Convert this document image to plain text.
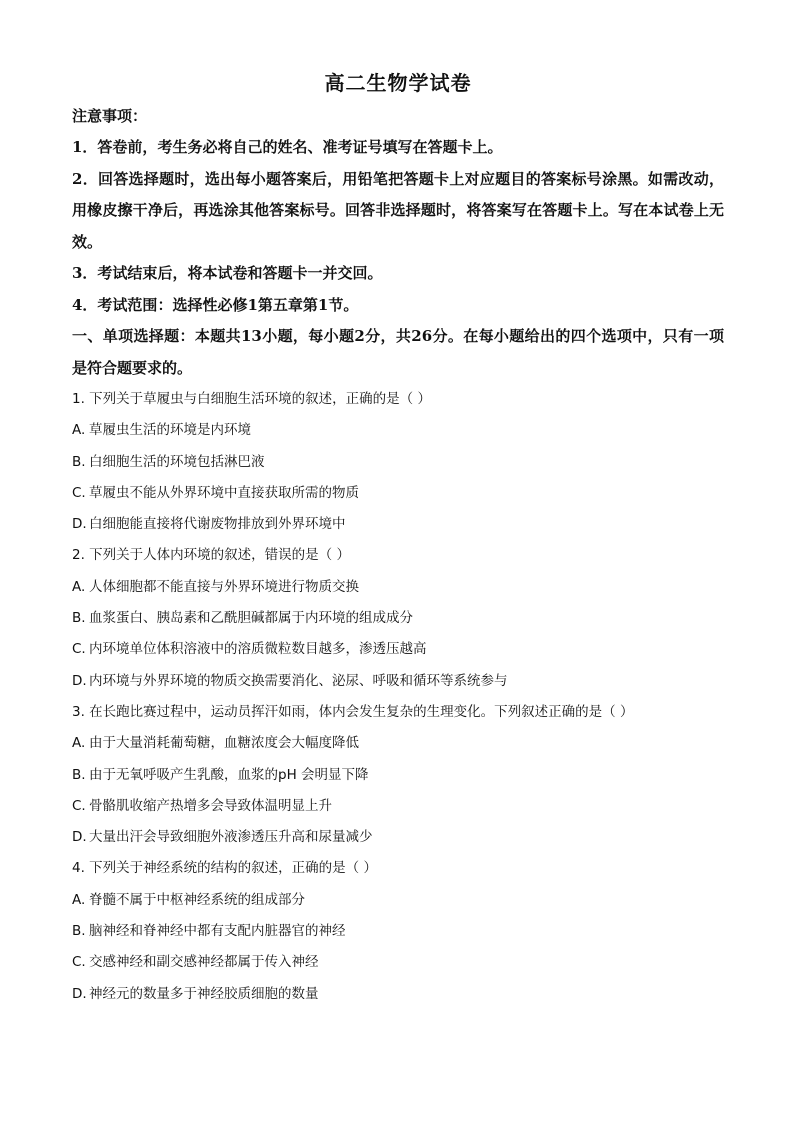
高二生物学试卷
注意事项：
1．答卷前，考生务必将自己的姓名、准考证号填写在答题卡上。
2．回答选择题时，选出每小题答案后，用铅笔把答题卡上对应题目的答案标号涂黑。如需改动，用橡皮擦干净后，再选涂其他答案标号。回答非选择题时，将答案写在答题卡上。写在本试卷上无效。
3．考试结束后，将本试卷和答题卡一并交回。
4．考试范围：选择性必修1第五章第1节。
一、单项选择题：本题共13小题，每小题2分，共26分。在每小题给出的四个选项中，只有一项是符合题要求的。
1. 下列关于草履虫与白细胞生活环境的叙述，正确的是（ ）
A. 草履虫生活的环境是内环境
B. 白细胞生活的环境包括淋巴液
C. 草履虫不能从外界环境中直接获取所需的物质
D. 白细胞能直接将代谢废物排放到外界环境中
2. 下列关于人体内环境的叙述，错误的是（ ）
A. 人体细胞都不能直接与外界环境进行物质交换
B. 血浆蛋白、胰岛素和乙酰胆碱都属于内环境的组成成分
C. 内环境单位体积溶液中的溶质微粒数目越多，渗透压越高
D. 内环境与外界环境的物质交换需要消化、泌尿、呼吸和循环等系统参与
3. 在长跑比赛过程中，运动员挥汗如雨，体内会发生复杂的生理变化。下列叙述正确的是（ ）
A. 由于大量消耗葡萄糖，血糖浓度会大幅度降低
B. 由于无氧呼吸产生乳酸，血浆的pH 会明显下降
C. 骨骼肌收缩产热增多会导致体温明显上升
D. 大量出汗会导致细胞外液渗透压升高和尿量减少
4. 下列关于神经系统的结构的叙述，正确的是（ ）
A. 脊髓不属于中枢神经系统的组成部分
B. 脑神经和脊神经中都有支配内脏器官的神经
C. 交感神经和副交感神经都属于传入神经
D. 神经元的数量多于神经胶质细胞的数量
